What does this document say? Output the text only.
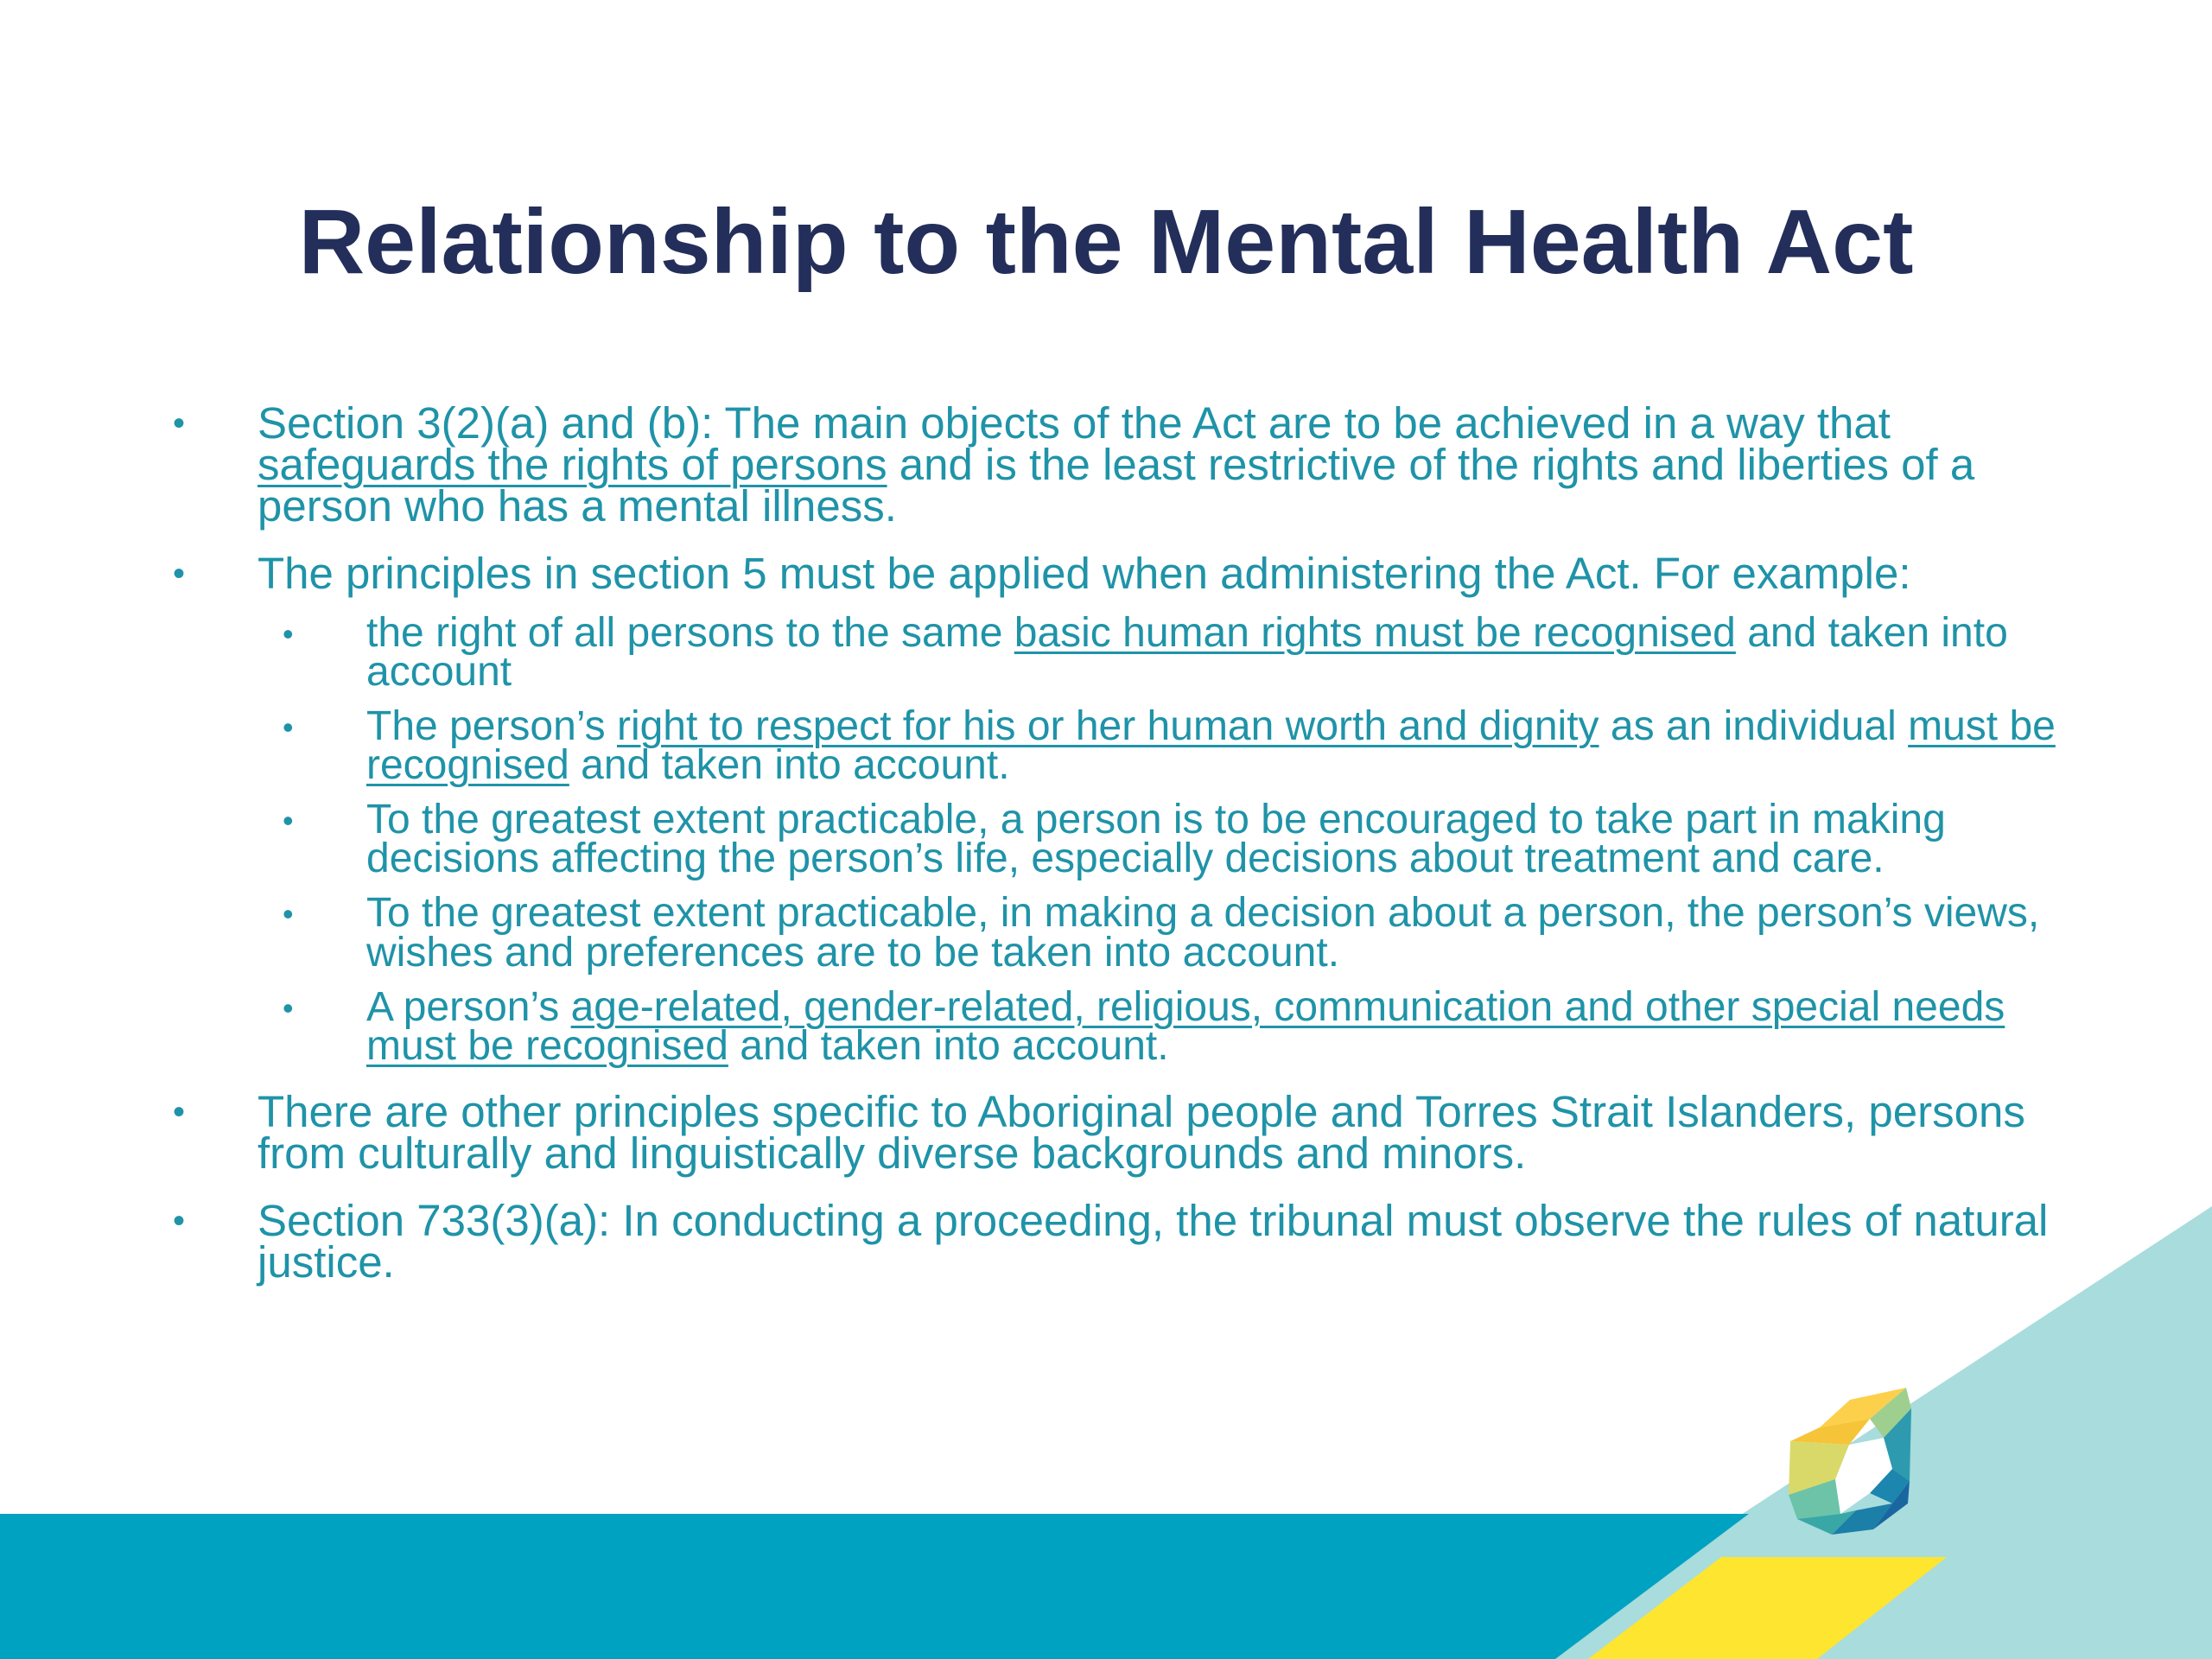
Relationship to the Mental Health Act
• Section 3(2)(a) and (b): The main objects of the Act are to be achieved in a way that safeguards the rights of persons and is the least restrictive of the rights and liberties of a person who has a mental illness.
• The principles in section 5 must be applied when administering the Act. For example:
• the right of all persons to the same basic human rights must be recognised and taken into account
• The person’s right to respect for his or her human worth and dignity as an individual must be recognised and taken into account.
• To the greatest extent practicable, a person is to be encouraged to take part in making decisions affecting the person’s life, especially decisions about treatment and care.
• To the greatest extent practicable, in making a decision about a person, the person’s views, wishes and preferences are to be taken into account.
• A person’s age-related, gender-related, religious, communication and other special needs must be recognised and taken into account.
• There are other principles specific to Aboriginal people and Torres Strait Islanders, persons from culturally and linguistically diverse backgrounds and minors.
• Section 733(3)(a): In conducting a proceeding, the tribunal must observe the rules of natural justice.
